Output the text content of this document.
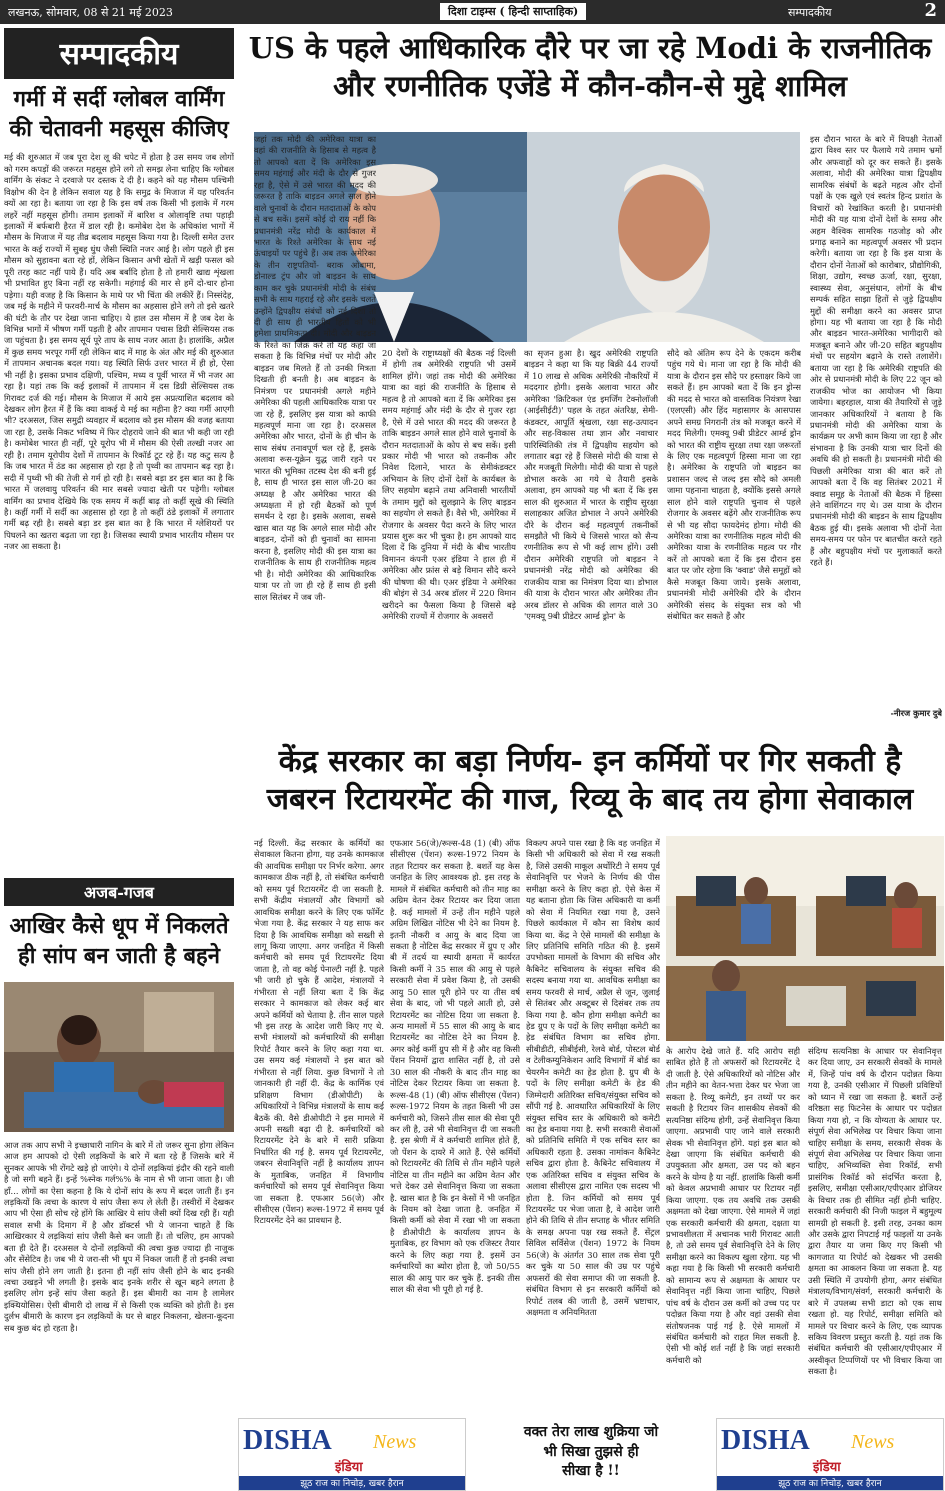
लखनऊ, सोमवार, 08 से 21 मई 2023	दिशा टाइम्स ( हिन्दी साप्ताहिक)	सम्पादकीय	2
सम्पादकीय
गर्मी में सर्दी ग्लोबल वार्मिंग की चेतावनी महसूस कीजिए
मई की शुरुआत में जब पूरा देश लू की चपेट में होता है उस समय जब लोगों को गरम कपड़ों की जरूरत महसूस होने लगे तो समझ लेना चाहिए कि ग्लोबल वार्मिंग के संकट ने दरवाजे पर दस्तक दे दी है। कहने को यह मौसम पश्चिमी विक्षोभ की देन है लेकिन सवाल यह है कि समुद्र के मिजाज में यह परिवर्तन क्यों आ रहा है। बताया जा रहा है कि इस वर्ष तक किसी भी इलाके में गरम लहरें नहीं महसूस होंगी। तमाम इलाकों में बारिश व ओलावृष्टि तथा पहाड़ी इलाकों में बर्फबारी हैरत में डाल रही है। कमोबेश देश के अधिकांश भागों में मौसम के मिजाज में यह तीव्र बदलाव महसूस किया गया है। दिल्ली समेत उत्तर भारत के कई राज्यों में सुबह धुंध जैसी स्थिति नजर आई है। लोग पहले ही इस मौसम को सुहावना बता रहे हों, लेकिन किसान अभी खेतों में खड़ी फसल को पूरी तरह काट नहीं पाये हैं। यदि अब बर्बादि होता है तो हमारी खाद्य शृंखला भी प्रभावित हुए बिना नहीं रह सकेगी। महंगाई की मार से हमें दो-चार होना पड़ेगा। यही वजह है कि किसान के माथे पर भी चिंता की लकीरें हैं। निस्संदेह, जब मई के महीने में फरवरी-मार्च के मौसम का अहसास होने लगे तो इसे खतरे की घंटी के तौर पर देखा जाना चाहिए। ये हाल उस मौसम में है जब देश के विभिन्न भागों में भीषण गर्मी पड़ती है और तापमान पचास डिग्री सेल्सियस तक जा पहुंचता है। इस समय सूर्य पूरे ताप के साथ नजर आता है। हालांकि, अप्रैल में कुछ समय भरपूर गर्मी रही लेकिन बाद में माह के अंत और मई की शुरुआत में तापमान अचानक बदल गया। यह स्थिति सिर्फ उत्तर भारत में ही हो, ऐसा भी नहीं है। इसका प्रभाव दक्षिणी, पश्चिम, मध्य व पूर्वी भारत में भी नजर आ रहा है। यहां तक कि कई इलाकों में तापमान में दस डिग्री सेल्सियस तक गिरावट दर्ज की गई। मौसम के मिजाज में आये इस अप्रत्याशित बदलाव को देखकर लोग हैरत में हैं कि क्या वाकई ये मई का महीना है? क्या गर्मी आएगी भी? दरअसल, जिस समुद्री व्यवहार में बदलाव को इस मौसम की वजह बताया जा रहा है, उसके निकट भविष्य में फिर दोहराये जाने की बात भी कही जा रही है। कमोबेश भारत ही नहीं, पूरे यूरोप भी में मौसम की ऐसी तल्खी नजर आ रही है। तमाम यूरोपीय देशों में तापमान के रिकॉर्ड टूट रहे हैं। यह कटु सत्य है कि जब भारत में ठंड का अहसास हो रहा है तो पृथ्वी का तापमान बढ़ रहा है। सदी में पृथ्वी भी की तेजी से गर्म हो रही है। सबसे बड़ा डर इस बात का है कि भारत में जलवायु परिवर्तन की मार सबसे ज्यादा खेती पर पड़ेगी। ग्लोबल वार्मिंग का प्रभाव देखिये कि एक समय में कहीं बाढ़ तो कहीं सूखे की स्थिति है। कहीं गर्मी में सर्दी का अहसास हो रहा है तो कहीं ठंडे इलाकों में लगातार गर्मी बढ़ रही है। सबसे बड़ा डर इस बात का है कि भारत में ग्लेशियरों पर पिघलने का खतरा बढ़ता जा रहा है। जिसका स्थायी प्रभाव भारतीय मौसम पर नजर आ सकता है।
अजब-गजब
आखिर कैसे धूप में निकलते ही सांप बन जाती है बहने
आज तक आप सभी ने इच्छाधारी नागिन के बारे में तो जरूर सुना होगा लेकिन आज हम आपको दो ऐसी लड़कियों के बारे में बता रहे हैं जिसके बारे में सुनकर आपके भी रोंगटे खड़े हो जाएंगे। ये दोनों लड़कियां इंदौर की रहने वाली है जो सगी बहने हैं। इन्हें %स्नेक गर्ल%% के नाम से भी जाना जाता है। जी हाँ... लोगों का ऐसा कहना है कि ये दोनों सांप के रूप में बदल जाती हैं। इन लड़कियों कि त्वचा के कारण ये सांप जैसा रूप ले लेती हैं। तस्वीरों में देखकर आप भी ऐसा ही सोच रहे होंगे कि आखिर ये सांप जैसी क्यों दिख रही हैं। यही सवाल सभी के दिमाग में है और डॉक्टर्स भी ये जानना चाहते हैं कि आखिरकार ये लड़कियां सांप जैसी कैसे बन जाती हैं। तो चलिए, हम आपको बता ही देते हैं। दरअसल ये दोनों लड़कियों की त्वचा कुछ ज्यादा ही नाजुक और सेंसेटिव है। जब भी ये जरा-सी भी धूप में निकल जाती हैं तो इनकी त्वचा सांप जैसी होने लग जाती है। इतना ही नहीं सांप जैसी होने के बाद इनकी त्वचा उखड़ने भी लगती है। इसके बाद इनके शरीर से खून बहने लगता है इसलिए लोग इन्हें सांप जैसा कहते हैं। इस बीमारी का नाम है लामेलर इक्थियोसिस। ऐसी बीमारी दो लाख में से किसी एक व्यक्ति को होती है। इस दुर्लभ बीमारी के कारण इन लड़कियों के घर से बाहर निकलना, खेलना-कूदना सब कुछ बंद हो रहता है।
US के पहले आधिकारिक दौरे पर जा रहे Modi के राजनीतिक और रणनीतिक एजेंडे में कौन-कौन-से मुद्दे शामिल
जहां तक मोदी की अमेरिका यात्रा का वहां की राजनीति के हिसाब से महत्व है तो आपको बता दें कि अमेरिका इस समय महंगाई और मंदी के दौर से गुजर रहा है, ऐसे में उसे भारत की मदद की जरूरत है ताकि बाइडन अगले साल होने वाले चुनावों के दौरान मतदाताओं के कोप से बच सकें। इसमें कोई दो राय नहीं कि प्रधानमंत्री नरेंद्र मोदी के कार्यकाल में भारत के रिश्ते अमेरिका के साथ नई ऊंचाइयों पर पहुंचे हैं। अब तक अमेरिका के तीन राष्ट्रपतियों- बराक ओबामा, डोनाल्ड ट्रंप और जो बाइडन के साथ काम कर चुके प्रधानमंत्री मोदी के संबंध सभी के साथ गहराई रहे और इसके चलते उन्होंने द्विपक्षीय संबंधों को नई दिशा तो दी ही साथ ही भारतीय हितों को भी हमेशा प्राथमिकता दी। मोदी और बाइडन के रिश्ते का जिक्र करें तो यह कहा जा सकता है कि विभिन्न मंचों पर मोदी और बाइडन जब मिलते हैं तो उनकी मित्रता दिखती ही बनती है। अब बाइडन के निमंत्रण पर प्रधानमंत्री अगले महीने अमेरिका की पहली आधिकारिक यात्रा पर जा रहे हैं, इसलिए इस यात्रा को काफी महत्वपूर्ण माना जा रहा है। दरअसल अमेरिका और भारत, दोनों के ही चीन के साथ संबंध तनावपूर्ण चल रहे हैं, इसके अलावा रूस-यूक्रेन युद्ध जारी रहने पर भारत की भूमिका तटस्थ देश की बनी हुई है, साथ ही भारत इस साल जी-20 का अध्यक्ष है और अमेरिका भारत की अध्यक्षता में हो रही बैठकों को पूर्ण समर्थन दे रहा है। इसके अलावा, सबसे खास बात यह कि अगले साल मोदी और बाइडन, दोनों को ही चुनावों का सामना करना है, इसलिए मोदी की इस यात्रा का राजनीतिक के साथ ही राजनीतिक महत्व भी है। मोदी अमेरिका की आधिकारिक यात्रा पर तो जा ही रहे हैं साथ ही इसी साल सितंबर में जब जी-
20 देशों के राष्ट्राध्यक्षों की बैठक नई दिल्ली में होगी तब अमेरिकी राष्ट्रपति भी उसमें शामिल होंगे। जहां तक मोदी की अमेरिका यात्रा का वहां की राजनीति के हिसाब से महत्व है तो आपको बता दें कि अमेरिका इस समय महंगाई और मंदी के दौर से गुजर रहा है, ऐसे में उसे भारत की मदद की जरूरत है ताकि बाइडन अगले साल होने वाले चुनावों के दौरान मतदाताओं के कोप से बच सकें। इसी प्रकार मोदी भी भारत को तकनीक और निवेश दिलाने, भारत के सेमीकंडक्टर अभियान के लिए दोनों देशों के कार्यबल के लिए सहयोग बढ़ाने तथा अनिवासी भारतीयों के तमाम मुद्दों को सुलझाने के लिए बाइडन का सहयोग ले सकते हैं। वैसे भी, अमेरिका में रोजगार के अवसर पैदा करने के लिए भारत प्रयास शुरू कर भी चुका है। हम आपको याद दिला दें कि दुनिया में मंदी के बीच भारतीय विमानन कंपनी एअर इंडिया ने हाल ही में अमेरिका और फ्रांस से बड़े विमान सौदे करने की घोषणा की थी। एअर इंडिया ने अमेरिका की बोइंग से 34 अरब डॉलर में 220 विमान खरीदने का फैसला किया है जिससे बड़े अमेरिकी राज्यों में रोजगार के अवसरों
का सृजन हुआ है। खुद अमेरिकी राष्ट्रपति बाइडन ने कहा था कि यह बिक्री 44 राज्यों में 10 लाख से अधिक अमेरिकी नौकरियों में मददगार होगी। इसके अलावा भारत और अमेरिका 'क्रिटिकल एंड इमर्जिंग टेक्नोलॉजी (आईसीईटी)' पहल के तहत अंतरिक्ष, सेमी-कंडक्टर, आपूर्ति श्रृंखला, रक्षा सह-उत्पादन और सह-विकास तथा ज्ञान और नवाचार पारिस्थितिकी तंत्र में द्विपक्षीय सहयोग को लगातार बढ़ा रहे हैं जिससे मोदी की यात्रा से और मजबूती मिलेगी। मोदी की यात्रा से पहले डोभाल करके आ गये थे तैयारी इसके अलावा, हम आपको यह भी बता दें कि इस साल की शुरुआत में भारत के राष्ट्रीय सुरक्षा सलाहकार अजित डोभाल ने अपने अमेरिकी दौरे के दौरान कई महत्वपूर्ण तकनीकों समझौते भी किये थे जिससे भारत को सैन्य रणनीतिक रूप से भी कई लाभ होंगे। उसी दौरान अमेरिकी राष्ट्रपति जो बाइडन ने प्रधानमंत्री नरेंद्र मोदी को अमेरिका की राजकीय यात्रा का निमंत्रण दिया था। डोभाल की यात्रा के दौरान भारत और अमेरिका तीन अरब डॉलर से अधिक की लागत वाले 30 'एमक्यू 9बी प्रीडेटर आर्म्ड ड्रोन' के
सौदे को अंतिम रूप देने के एकदम करीब पहुंच गये थे। माना जा रहा है कि मोदी की यात्रा के दौरान इस सौदे पर हस्ताक्षर किये जा सकते हैं। हम आपको बता दें कि इन ड्रोन्स की मदद से भारत को वास्तविक नियंत्रण रेखा (एलएसी) और हिंद महासागर के आसपास अपने समग्र निगरानी तंत्र को मजबूत करने में मदद मिलेगी। एमक्यू 9बी प्रीडेटर आर्म्ड ड्रोन को भारत की राष्ट्रीय सुरक्षा तथा रक्षा जरूरतों के लिए एक महत्वपूर्ण हिस्सा माना जा रहा है। अमेरिका के राष्ट्रपति जो बाइडन का प्रशासन जल्द से जल्द इस सौदे को अमली जामा पहनाना चाहता है, क्योंकि इससे अगले साल होने वाले राष्ट्रपति चुनाव से पहले रोजगार के अवसर बढ़ेंगे और राजनीतिक रूप से भी यह सौदा फायदेमंद होगा। मोदी की अमेरिका यात्रा का रणनीतिक महत्व मोदी की अमेरिका यात्रा के रणनीतिक महत्व पर गौर करें तो आपको बता दें कि इस दौरान इस बात पर जोर रहेगा कि 'क्वाड' जैसे समूहों को कैसे मजबूत किया जाये। इसके अलावा, प्रधानमंत्री मोदी अमेरिकी दौरे के दौरान अमेरिकी संसद के संयुक्त सत्र को भी संबोधित कर सकते हैं और
इस दौरान भारत के बारे में विपक्षी नेताओं द्वारा विश्व स्तर पर फैलाये गये तमाम भ्रमों और अफवाहों को दूर कर सकते हैं। इसके अलावा, मोदी की अमेरिका यात्रा द्विपक्षीय सामरिक संबंधों के बढ़ते महत्व और दोनों पक्षों के एक खुले एवं स्वतंत्र हिन्द प्रशांत के विचारों को रेखांकित करती है। प्रधानमंत्री मोदी की यह यात्रा दोनों देशों के समग्र और अहम वैश्विक सामरिक गठजोड़ को और प्रगाढ़ बनाने का महत्वपूर्ण अवसर भी प्रदान करेगी। बताया जा रहा है कि इस यात्रा के दौरान दोनों नेताओं को कारोबार, प्रौद्योगिकी, शिक्षा, उद्योग, स्वच्छ ऊर्जा, रक्षा, सुरक्षा, स्वास्थ्य सेवा, अनुसंधान, लोगों के बीच सम्पर्क सहित साझा हितों से जुड़े द्विपक्षीय मुद्दों की समीक्षा करने का अवसर प्राप्त होगा। यह भी बताया जा रहा है कि मोदी और बाइडन भारत-अमेरिका भागीदारी को मजबूत बनाने और जी-20 सहित बहुपक्षीय मंचों पर सहयोग बढ़ाने के रास्ते तलाशेंगे। बताया जा रहा है कि अमेरिकी राष्ट्रपति की ओर से प्रधानमंत्री मोदी के लिए 22 जून को राजकीय भोज का आयोजन भी किया जायेगा। बहरहाल, यात्रा की तैयारियों से जुड़े जानकार अधिकारियों ने बताया है कि प्रधानमंत्री मोदी की अमेरिका यात्रा के कार्यक्रम पर अभी काम किया जा रहा है और संभावना है कि उनकी यात्रा चार दिनों की अवधि की हो सकती है। प्रधानमंत्री मोदी की पिछली अमेरिका यात्रा की बात करें तो आपको बता दें कि वह सितंबर 2021 में क्वाड समूह के नेताओं की बैठक में हिस्सा लेने वाशिंगटन गए थे। उस यात्रा के दौरान प्रधानमंत्री मोदी की बाइडन के साथ द्विपक्षीय बैठक हुई थी। इसके अलावा भी दोनों नेता समय-समय पर फोन पर बातचीत करते रहते हैं और बहुपक्षीय मंचों पर मुलाकातें करते रहते हैं।
-नीरज कुमार दुबे
केंद्र सरकार का बड़ा निर्णय- इन कर्मियों पर गिर सकती है जबरन रिटायरमेंट की गाज, रिव्यू के बाद तय होगा सेवाकाल
नई दिल्ली. केंद्र सरकार के कर्मियों का सेवाकाल कितना होगा, यह उनके कामकाज की आवधिक समीक्षा पर निर्भर करेगा. अगर कामकाज ठीक नहीं है, तो संबंधित कर्मचारी को समय पूर्व रिटायरमेंट दी जा सकती है. सभी केंद्रीय मंत्रालयों और विभागों को आवधिक समीक्षा करने के लिए एक फॉर्मेट भेजा गया है. केंद्र सरकार ने यह साफ कर दिया है कि आवधिक समीक्षा को सख्ती से लागू किया जाएगा. अगर जनहित में किसी कर्मचारी को समय पूर्व रिटायरमेंट दिया जाता है, तो वह कोई पेनाल्टी नहीं है. पहले भी जारी हो चुके हैं आदेश, मंत्रालयों ने गंभीरता से नहीं लिया बता दें कि केंद्र सरकार ने कामकाज को लेकर कई बार अपने कर्मियों को चेताया है. तीन साल पहले भी इस तरह के आदेश जारी किए गए थे. सभी मंत्रालयों को कर्मचारियों की समीक्षा रिपोर्ट तैयार करने के लिए कहा गया था. उस समय कई मंत्रालयों ने इस बात को गंभीरता से नहीं लिया. कुछ विभागों ने तो जानकारी ही नहीं दी. केंद्र के कार्मिक एवं प्रशिक्षण विभाग (डीओपीटी) के अधिकारियों ने विभिन्न मंत्रालयों के साथ कई बैठकें की. वैसे डीओपीटी ने इस मामले में अपनी सख्ती बढ़ा दी है. कर्मचारियों को रिटायरमेंट देने के बारे में सारी प्रक्रिया निर्धारित की गई है. समय पूर्व रिटायरमेंट, जबरन सेवानिवृत्ति नहीं है कार्यालय ज्ञापन के मुताबिक, जनहित में विभागीय कर्मचारियों को समय पूर्व सेवानिवृत्त किया जा सकता है. एफआर 56(जे) और सीसीएस (पेंशन) रूल्स-1972 में समय पूर्व रिटायरमेंट देने का प्रावधान है.
एफआर 56(जे)/रूल्स-48 (1) (बी) ऑफ सीसीएस (पेंशन) रूल्स-1972 नियम के तहत रिटायर कर सकता है. बशर्ते यह केस जनहित के लिए आवश्यक हो. इस तरह के मामले में संबंधित कर्मचारी को तीन माह का अग्रिम वेतन देकर रिटायर कर दिया जाता है. कई मामलों में उन्हें तीन महीने पहले अग्रिम लिखित नोटिस भी देने का नियम है. इतनी नौकरी व आयु के बाद दिया जा सकता है नोटिस केंद्र सरकार में ग्रुप ए और बी में तदर्थ या स्थायी क्षमता में कार्यरत किसी कर्मी ने 35 साल की आयु से पहले सरकारी सेवा में प्रवेश किया है, तो उसकी आयु 50 साल पूरी होने पर या तीस वर्ष सेवा के बाद, जो भी पहले आती हो, उसे रिटायरमेंट का नोटिस दिया जा सकता है. अन्य मामलों में 55 साल की आयु के बाद रिटायरमेंट का नोटिस देने का नियम है. अगर कोई कर्मी ग्रुप सी में है और वह किसी पेंशन नियमों द्वारा शासित नहीं है, तो उसे 30 साल की नौकरी के बाद तीन माह का नोटिस देकर रिटायर किया जा सकता है. रूल्स-48 (1) (बी) ऑफ सीसीएस (पेंशन) रूल्स-1972 नियम के तहत किसी भी उस कर्मचारी को, जिसने तीस साल की सेवा पूरी कर ली है, उसे भी सेवानिवृत्त दी जा सकती है. इस श्रेणी में वे कर्मचारी शामिल होते हैं, जो पेंशन के दायरे में आते हैं. ऐसे कर्मियों को रिटायरमेंट की तिथि से तीन महीने पहले नोटिस या तीन महीने का अग्रिम वेतन और भत्ते देकर उसे सेवानिवृत्त किया जा सकता है. खास बात है कि इन केसों में भी जनहित के नियम को देखा जाता है. जनहित में किसी कर्मी को सेवा में रखा भी जा सकता है डीओपीटी के कार्यालय ज्ञापन के मुताबिक, हर विभाग को एक रजिस्टर तैयार करने के लिए कहा गया है. इसमें उन कर्मचारियों का ब्योरा होता है, जो 50/55 साल की आयु पार कर चुके हैं. इनकी तीस साल की सेवा भी पूरी हो गई है.
विकल्प अपने पास रखा है कि वह जनहित में किसी भी अधिकारी को सेवा में रख सकती है, जिसे उसकी माकूल अर्थोरिटी ने समय पूर्व सेवानिवृत्ति पर भेजने के निर्णय की पीस समीक्षा करने के लिए कहा हो. ऐसे केस में यह बताना होता कि जिस अधिकारी या कर्मी को सेवा में नियमित रखा गया है, उसने पिछले कार्यकाल में कौन सा विशेष कार्य किया था. केंद्र ने ऐसे मामलों की समीक्षा के लिए प्रतिनिधि समिति गठित की है. इसमें उपभोक्ता मामलों के विभाग की सचिव और कैबिनेट सचिवालय के संयुक्त सचिव की सदस्य बनाया गया था. आवधिक समीक्षा का समय फरवरी से मार्च, अप्रैल से जून, जुलाई से सितंबर और अक्टूबर से दिसंबर तक तय किया गया है. कौन होगा समीक्षा कमेटी का हेड ग्रुप ए के पदों के लिए समीक्षा कमेटी का हेड संबंधित विभाग का सचिव होगा. सीबीडीटी, सीबीईसी, रेलवे बोर्ड, पोस्टल बोर्ड व टेलीकम्युनिकेशन आदि विभागों में बोर्ड का चेयरमैन कमेटी का हेड होता है. ग्रुप बी के पदों के लिए समीक्षा कमेटी के हेड की जिम्मेदारी अतिरिक्त सचिव/संयुक्त सचिव को सौंपी गई है. आवधारित अधिकारियों के लिए संयुक्त सचिव स्तर के अधिकारी को कमेटी का हेड बनाया गया है. सभी सरकारी सेवाओं को प्रतिनिधि समिति में एक सचिव स्तर का अधिकारी रहता है. उसका नामांकन कैबिनेट सचिव द्वारा होता है. कैबिनेट सचिवालय में एक अतिरिक्त सचिव व संयुक्त सचिव के अलावा सीसीएस द्वारा नामित एक सदस्य भी होता है. जिन कर्मियों को समय पूर्व रिटायरमेंट पर भेजा जाता है, वे आदेश जारी होने की तिथि से तीन सप्ताह के भीतर समिति के समक्ष अपना पक्ष रख सकते हैं. सेंट्रल सिविल सर्विसेज (पेंशन) 1972 के नियम 56(जे) के अंतर्गत 30 साल तक सेवा पूरी कर चुके या 50 साल की उम्र पर पहुंचे अफसरों की सेवा समाप्त की जा सकती है. संबंधित विभाग से इन सरकारी कर्मियों को रिपोर्ट तलब की जाती है, उसमें भ्रष्टाचार, अक्षमता व अनियमितता
के आरोप देखे जाते हैं. यदि आरोप सही साबित होते हैं तो अफसरों को रिटायरमेंट दे दी जाती है. ऐसे अधिकारियों को नोटिस और तीन महीने का वेतन-भत्ता देकर घर भेजा जा सकता है. रिव्यू कमेटी, इन तथ्यों पर कर सकती है रिटायर जिन शासकीय सेवकों की सत्यनिष्ठा संदिग्ध होगी, उन्हें सेवानिवृत्त किया जाएगा. अप्रभावी पाए जाने वाले सरकारी सेवक भी सेवानिवृत्त होंगे. यहां इस बात को देखा जाएगा कि संबंधित कर्मचारी की उपयुक्तता और क्षमता, उस पद को बहन करने के योग्य है या नहीं. हालांकि किसी कर्मी को केवल अप्रभावी आधार पर रिटायर नहीं किया जाएगा. एक तय अवधि तक उसकी अक्षमता को देखा जाएगा. ऐसे मामले में जहां एक सरकारी कर्मचारी की क्षमता, दक्षता या प्रभावशीलता में अचानक भारी गिरावट आती है, तो उसे समय पूर्व सेवानिवृत्ति देने के लिए समीक्षा करने का विकल्प खुला रहेगा. यह भी कहा गया है कि किसी भी सरकारी कर्मचारी को सामान्य रूप से अक्षमता के आधार पर सेवानिवृत्त नहीं किया जाना चाहिए, पिछले पांच वर्ष के दौरान उस कर्मी को उच्च पद पर पदोन्नत किया गया है और वहां उसकी सेवा संतोषजनक पाई गई है. ऐसे मामलों में संबंधित कर्मचारी को राहत मिल सकती है. ऐसी भी कोई शर्त नहीं है कि जहां सरकारी कर्मचारी को
संदिग्ध सत्यनिष्ठा के आधार पर सेवानिवृत्त कर दिया जाए, उन सरकारी सेवकों के मामले में, जिन्हें पांच वर्ष के दौरान पदोन्नत किया गया है, उनकी एसीआर में पिछली प्रविष्टियों को ध्यान में रखा जा सकता है. बशर्ते उन्हें वरिष्ठता सह फिटनेस के आधार पर पदोन्नत किया गया हो, न कि योग्यता के आधार पर. संपूर्ण सेवा अभिलेख पर विचार किया जाना चाहिए समीक्षा के समय, सरकारी सेवक के संपूर्ण सेवा अभिलेख पर विचार किया जाना चाहिए, अभिव्यक्ति सेवा रिकॉर्ड, सभी प्रासंगिक रिकॉर्ड को संदर्भित करता है, इसलिए, समीक्षा एसीआर/एपीएआर डोजियर के विचार तक ही सीमित नहीं होनी चाहिए. सरकारी कर्मचारी की निजी फाइल में बहुमूल्य सामग्री हो सकती है. इसी तरह, उनका काम और उसके द्वारा निपटाई गई फाइलों या उनके द्वारा तैयार या जमा किए गए किसी भी कागजात या रिपोर्ट को देखकर भी उसकी क्षमता का आकलन किया जा सकता है. यह उसी स्थिति में उपयोगी होगा, अगर संबंधित मंत्रालय/विभाग/संवर्ग, सरकारी कर्मचारी के बारे में उपलब्ध सभी डाटा को एक साथ रखता हो. यह रिपोर्ट, समीक्षा समिति को मामले पर विचार करने के लिए, एक व्यापक सकिय विवरण प्रस्तुत करती है. यहां तक कि संबंधित कर्मचारी की एसीआर/एपीएआर में अस्वीकृत टिप्पणियों पर भी विचार किया जा सकता है।
DISHA News
इंडिया
झूठ राज का निचोड़, खबर हैरान
वक्त तेरा लाख शुक्रिया जो
भी सिखा तुझसे ही
सीखा है !!
DISHA News
इंडिया
झूठ राज का निचोड़, खबर हैरान
